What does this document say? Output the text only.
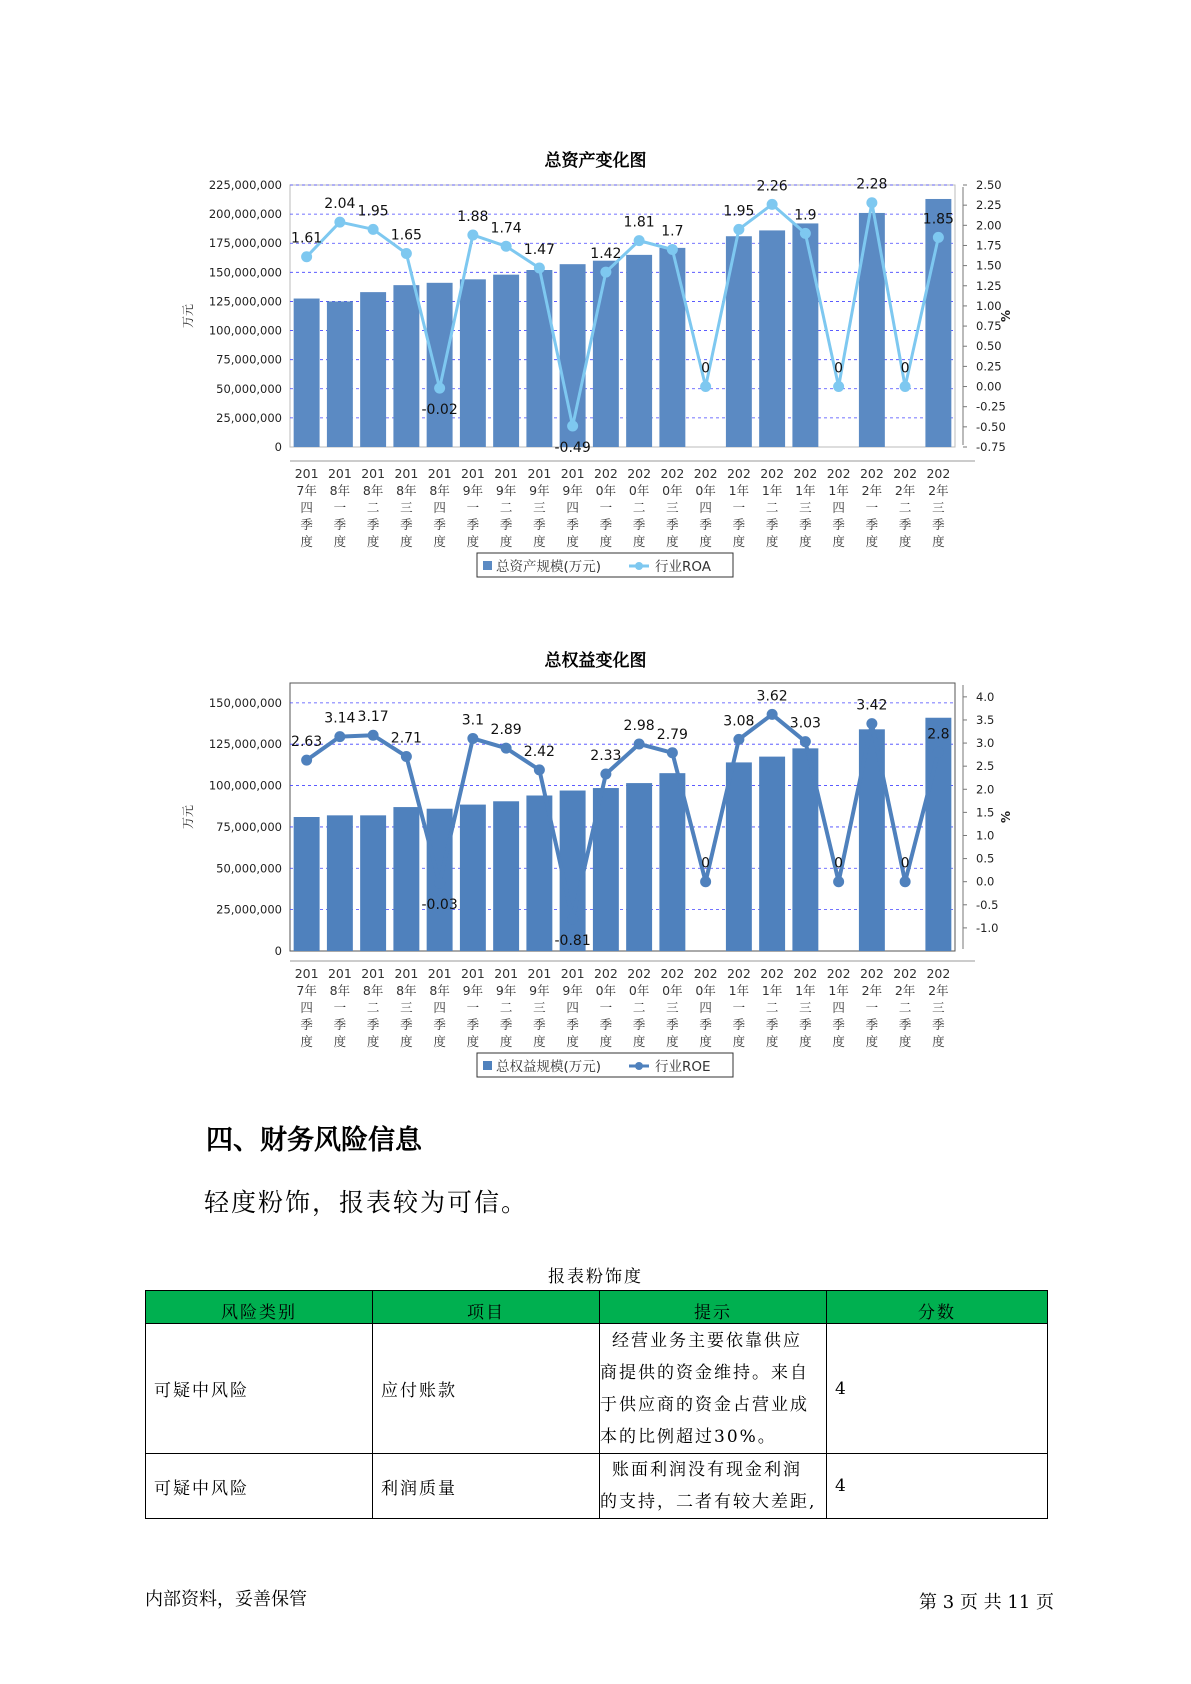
总资产变化图
225,000,000
200,000,000
175,000,000
150,000,000
125,000,000
100,000,000
75,000,000
50,000,000
25,000,000
0
2.50
2.25
2.00
1.75
1.50
1.25
1.00
0.75
0.50
0.25
0.00
-0.25
-0.50
-0.75
万元	%
1.61
2.04 1.95
1.65
-0.02
1.88
1.74
1.47
-0.49
1.42
1.81
1.7
0
1.95
2.26
1.9
0
2.28
0
1.85
201
7年
四
季
度
201
8年
一
季
度
201
8年
二
季
度
201
8年
三
季
度
201
8年
四
季
度
201
9年
一
季
度
201
9年
二
季
度
201
9年
三
季
度
201
9年
四
季
度
202
0年
一
季
度
202
0年
二
季
度
202
0年
三
季
度
202
0年
四
季
度
202
1年
一
季
度
202
1年
二
季
度
202
1年
三
季
度
202
1年
四
季
度
202
2年
一
季
度
202
2年
二
季
度
202
2年
三
季
度
总资产规模(万元)	行业ROA
总权益变化图
150,000,000
125,000,000
100,000,000
75,000,000
50,000,000
25,000,000
0
4.0
3.5
3.0
2.5
2.0
1.5
1.0
0.5
0.0
-0.5
-1.0
万元	%
2.63
3.14 3.17
2.71
-0.03
3.1
2.89
2.42
-0.81
2.33
2.98
2.79
0
3.08
3.62
3.03
0
3.42
0
2.8
201
7年
四
季
度
201
8年
一
季
度
201
8年
二
季
度
201
8年
三
季
度
201
8年
四
季
度
201
9年
一
季
度
201
9年
二
季
度
201
9年
三
季
度
201
9年
四
季
度
202
0年
一
季
度
202
0年
二
季
度
202
0年
三
季
度
202
0年
四
季
度
202
1年
一
季
度
202
1年
二
季
度
202
1年
三
季
度
202
1年
四
季
度
202
2年
一
季
度
202
2年
二
季
度
202
2年
三
季
度
总权益规模(万元)	行业ROE
四、财务风险信息
轻度粉饰，报表较为可信。
报表粉饰度
风险类别	项目	提示	分数
可疑中风险	应付账款	经营业务主要依靠供应
商提供的资金维持。来自
于供应商的资金占营业成
本的比例超过30%。	4
可疑中风险	利润质量	账面利润没有现金利润
的支持，二者有较大差距,	4
内部资料，妥善保管	第 3 页 共 11 页
